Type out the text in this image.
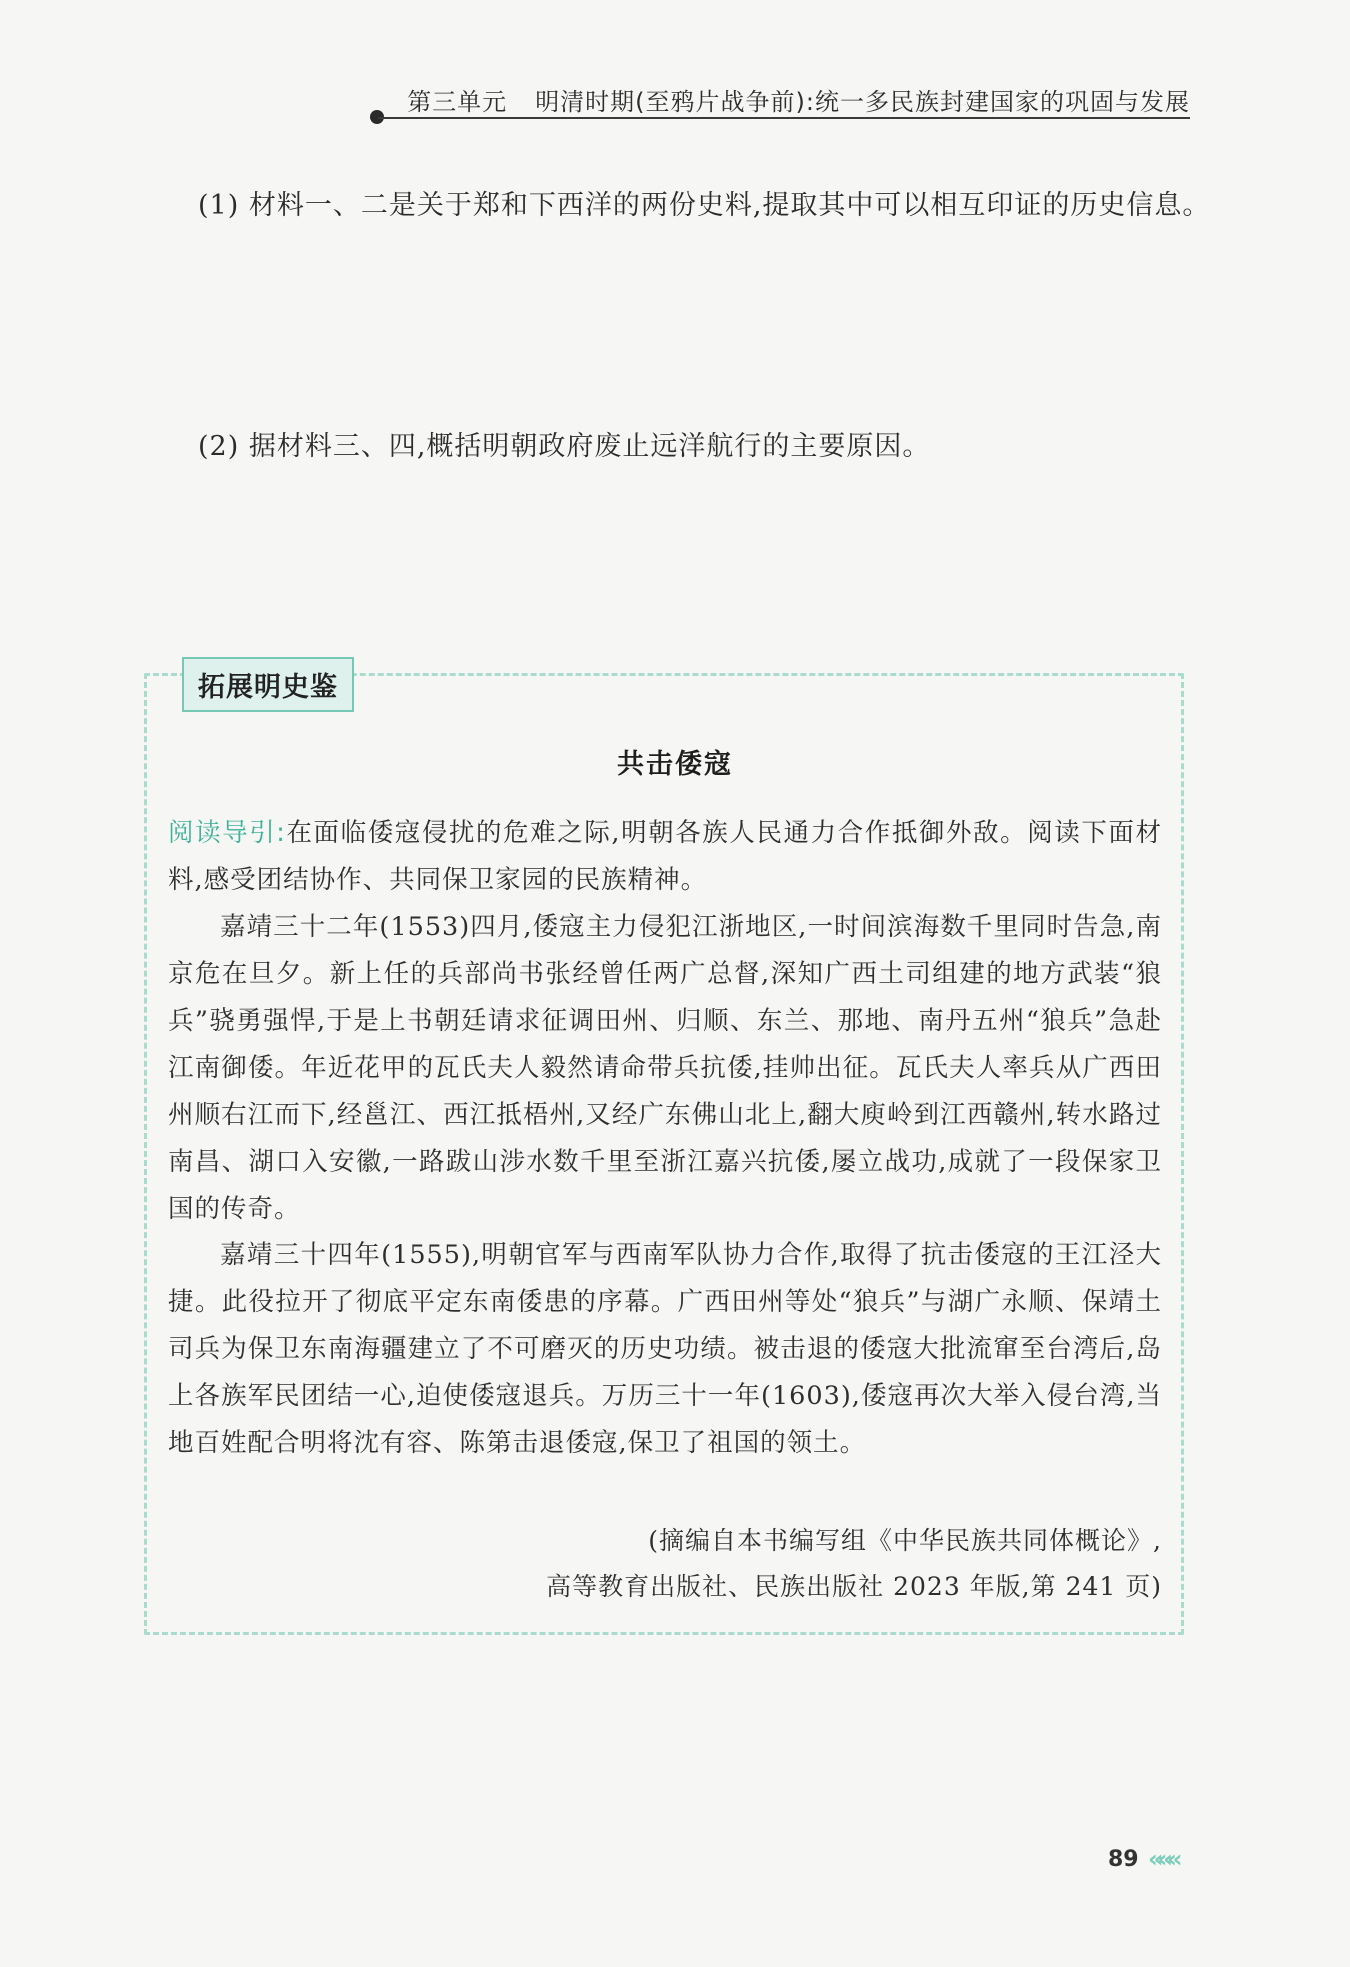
第三单元 明清时期(至鸦片战争前):统一多民族封建国家的巩固与发展
(1) 材料一、二是关于郑和下西洋的两份史料,提取其中可以相互印证的历史信息。
(2) 据材料三、四,概括明朝政府废止远洋航行的主要原因。
拓展明史鉴
共击倭寇
阅读导引:在面临倭寇侵扰的危难之际,明朝各族人民通力合作抵御外敌。阅读下面材料,感受团结协作、共同保卫家园的民族精神。
嘉靖三十二年(1553)四月,倭寇主力侵犯江浙地区,一时间滨海数千里同时告急,南京危在旦夕。新上任的兵部尚书张经曾任两广总督,深知广西土司组建的地方武装“狼兵”骁勇强悍,于是上书朝廷请求征调田州、归顺、东兰、那地、南丹五州“狼兵”急赴江南御倭。年近花甲的瓦氏夫人毅然请命带兵抗倭,挂帅出征。瓦氏夫人率兵从广西田州顺右江而下,经邕江、西江抵梧州,又经广东佛山北上,翻大庾岭到江西赣州,转水路过南昌、湖口入安徽,一路跋山涉水数千里至浙江嘉兴抗倭,屡立战功,成就了一段保家卫国的传奇。
嘉靖三十四年(1555),明朝官军与西南军队协力合作,取得了抗击倭寇的王江泾大捷。此役拉开了彻底平定东南倭患的序幕。广西田州等处“狼兵”与湖广永顺、保靖土司兵为保卫东南海疆建立了不可磨灭的历史功绩。被击退的倭寇大批流窜至台湾后,岛上各族军民团结一心,迫使倭寇退兵。万历三十一年(1603),倭寇再次大举入侵台湾,当地百姓配合明将沈有容、陈第击退倭寇,保卫了祖国的领土。
(摘编自本书编写组《中华民族共同体概论》,
高等教育出版社、民族出版社 2023 年版,第 241 页)
89 «««
